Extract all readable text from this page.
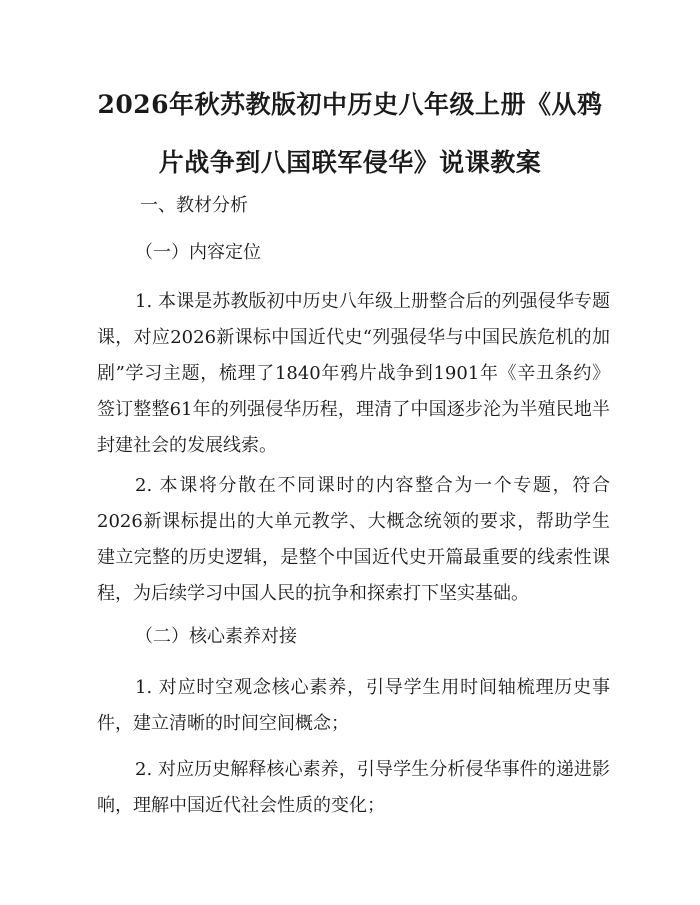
2026年秋苏教版初中历史八年级上册《从鸦
片战争到八国联军侵华》说课教案

一、教材分析

（一）内容定位

1. 本课是苏教版初中历史八年级上册整合后的列强侵华专题课，对应2026新课标中国近代史“列强侵华与中国民族危机的加剧”学习主题，梳理了1840年鸦片战争到1901年《辛丑条约》签订整整61年的列强侵华历程，理清了中国逐步沦为半殖民地半封建社会的发展线索。

2. 本课将分散在不同课时的内容整合为一个专题，符合2026新课标提出的大单元教学、大概念统领的要求，帮助学生建立完整的历史逻辑，是整个中国近代史开篇最重要的线索性课程，为后续学习中国人民的抗争和探索打下坚实基础。

（二）核心素养对接

1. 对应时空观念核心素养，引导学生用时间轴梳理历史事件，建立清晰的时间空间概念；

2. 对应历史解释核心素养，引导学生分析侵华事件的递进影响，理解中国近代社会性质的变化；
